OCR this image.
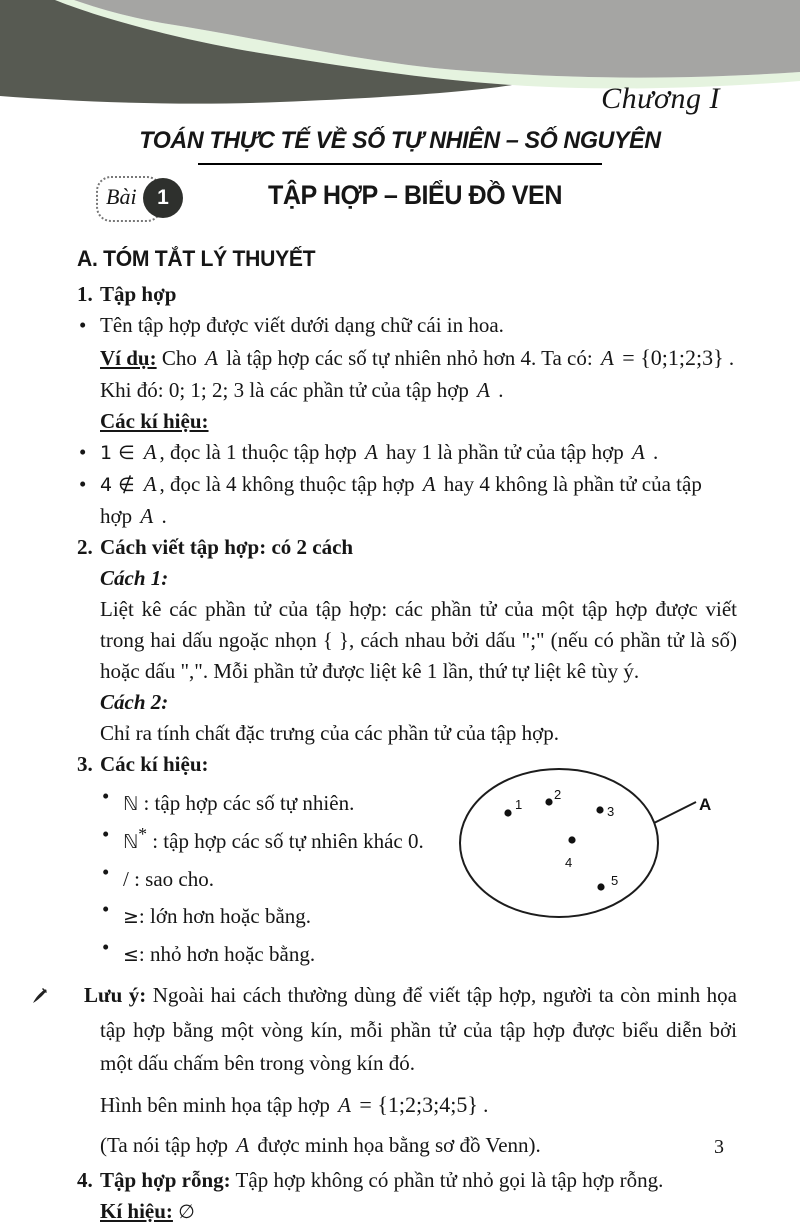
Chương I
TOÁN THỰC TẾ VỀ SỐ TỰ NHIÊN – SỐ NGUYÊN
Bài 1	TẬP HỢP – BIỂU ĐỒ VEN
A. TÓM TẮT LÝ THUYẾT
1. Tập hợp
• Tên tập hợp được viết dưới dạng chữ cái in hoa.
Ví dụ: Cho A là tập hợp các số tự nhiên nhỏ hơn 4. Ta có: A = {0;1;2;3} .
Khi đó: 0; 1; 2; 3 là các phần tử của tập hợp A .
Các kí hiệu:
• 1 ∈ A , đọc là 1 thuộc tập hợp A hay 1 là phần tử của tập hợp A .
• 4 ∉ A , đọc là 4 không thuộc tập hợp A hay 4 không là phần tử của tập hợp A .
2. Cách viết tập hợp: có 2 cách
Cách 1:
Liệt kê các phần tử của tập hợp: các phần tử của một tập hợp được viết trong hai dấu ngoặc nhọn { }, cách nhau bởi dấu ";" (nếu có phần tử là số) hoặc dấu ",". Mỗi phần tử được liệt kê 1 lần, thứ tự liệt kê tùy ý.
Cách 2:
Chỉ ra tính chất đặc trưng của các phần tử của tập hợp.
3. Các kí hiệu:
• ℕ : tập hợp các số tự nhiên.
• ℕ* : tập hợp các số tự nhiên khác 0.
• / : sao cho.
• ≥: lớn hơn hoặc bằng.
• ≤: nhỏ hơn hoặc bằng.
1
2
3
4
5
A
Lưu ý: Ngoài hai cách thường dùng để viết tập hợp, người ta còn minh họa tập hợp bằng một vòng kín, mỗi phần tử của tập hợp được biểu diễn bởi một dấu chấm bên trong vòng kín đó.
Hình bên minh họa tập hợp A = {1;2;3;4;5} .
(Ta nói tập hợp A được minh họa bằng sơ đồ Venn).
4. Tập hợp rỗng: Tập hợp không có phần tử nhỏ gọi là tập hợp rỗng.
Kí hiệu: ∅
3
